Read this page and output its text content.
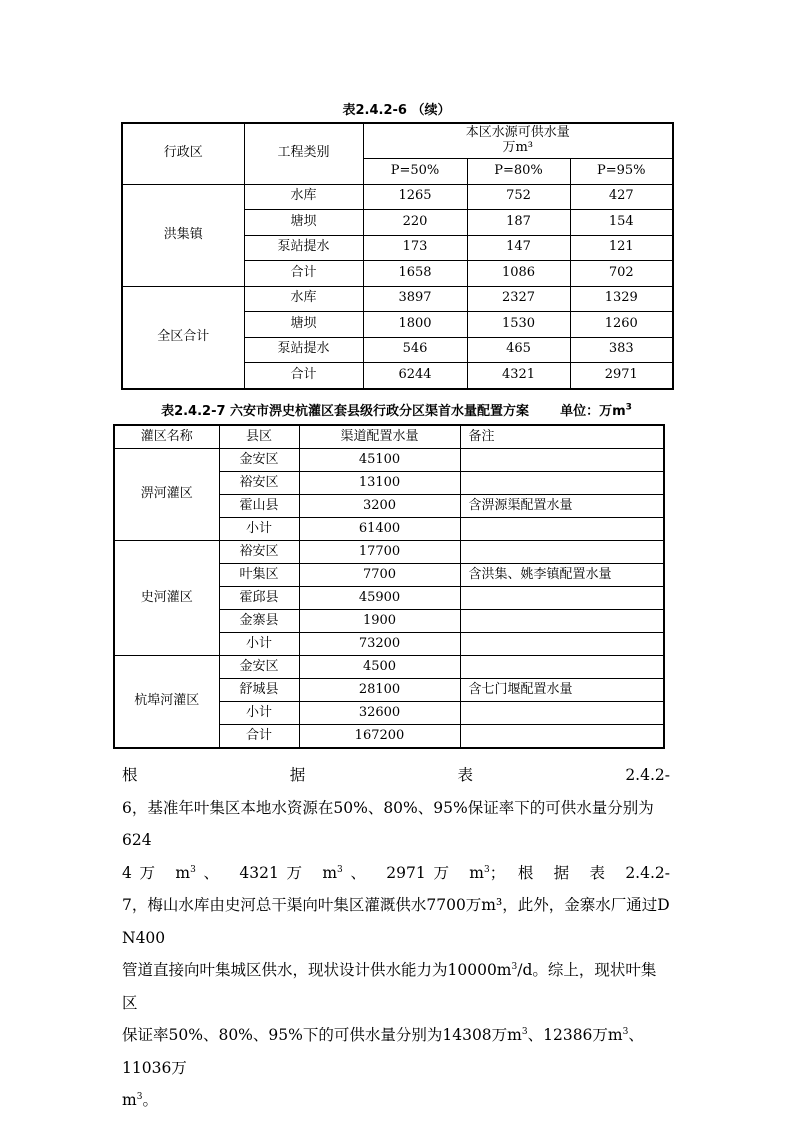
表2.4.2-6 （续）
行政区	工程类别	本区水源可供水量
万m³		

		P=50%	P=80%	P=95%
洪集镇	水库	1265	752	427
	塘坝	220	187	154
	泵站提水	173	147	121
	合计	1658	1086	702
全区合计	水库	3897	2327	1329
	塘坝	1800	1530	1260
	泵站提水	546	465	383
	合计	6244	4321	2971
表2.4.2-7 六安市淠史杭灌区套县级行政分区渠首水量配置方案 单位：万$m^3$
灌区名称	县区	渠道配置水量	备注
淠河灌区	金安区	45100	
	裕安区	13100	
	霍山县	3200	含淠源渠配置水量
	小计	61400	
史河灌区	裕安区	17700	
	叶集区	7700	含洪集、姚李镇配置水量
	霍邱县	45900	
	金寨县	1900	
	小计	73200	
杭埠河灌区	金安区	4500	
	舒城县	28100	含七门堰配置水量
	小计	32600	
	合计	167200	
根 据 表 2.4.2-
6，基准年叶集区本地水资源在50%、80%、95%保证率下的可供水量分别为624
4万 $m^3$、 4321万 $m^3$、 2971万 $m^3$； 根 据 表 2.4.2-
7，梅山水库由史河总干渠向叶集区灌溉供水7700万m³，此外，金寨水厂通过D
N400
管道直接向叶集城区供水，现状设计供水能力为$10000m^3/d$。综上，现状叶集区
保证率50%、80%、95%下的可供水量分别为14308万$m^3$、12386万$m^3$、11036万
$m^3$。
